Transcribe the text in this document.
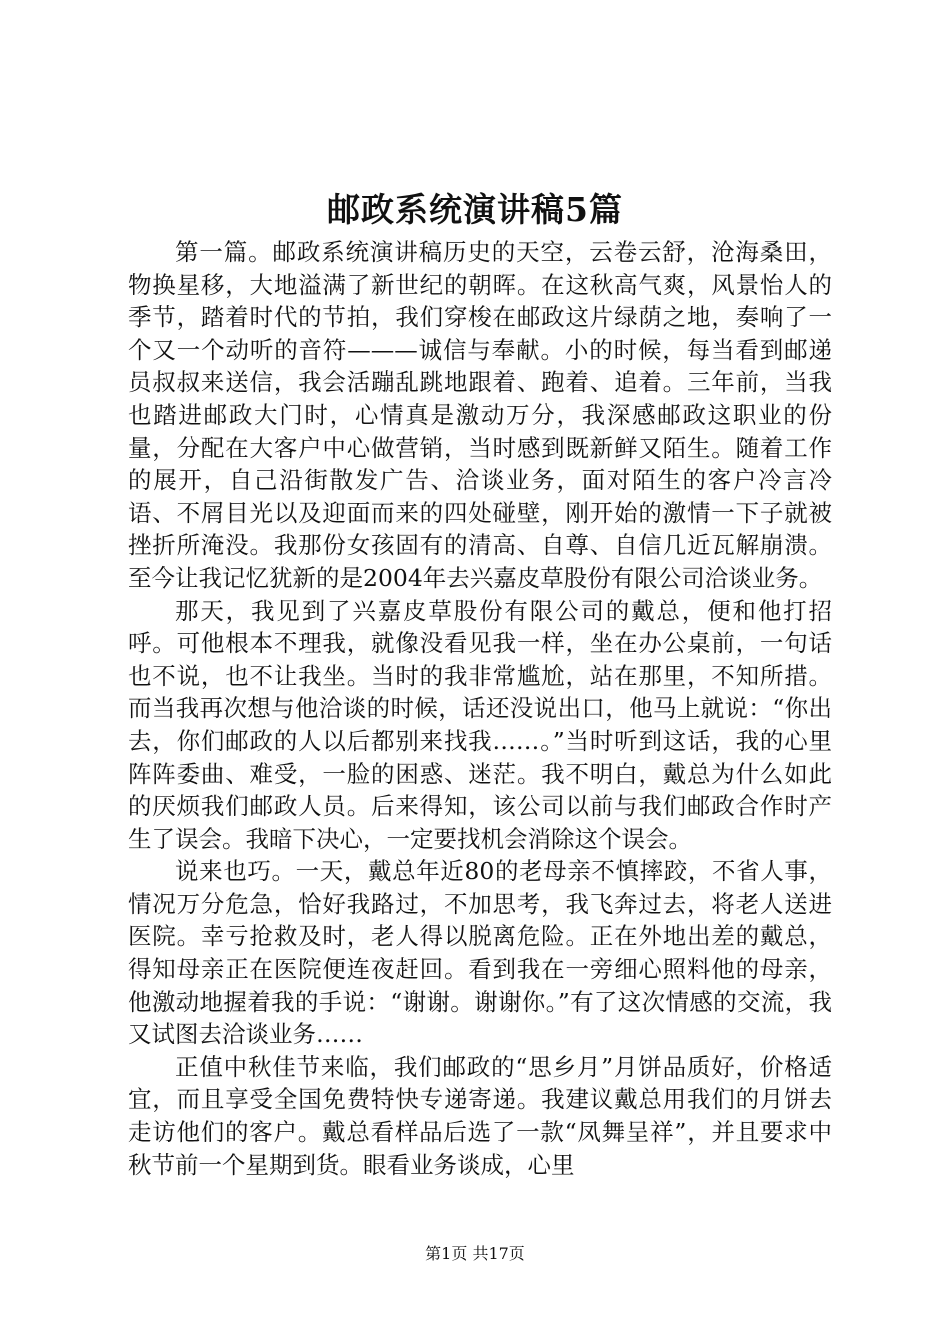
邮政系统演讲稿5篇

第一篇。邮政系统演讲稿历史的天空，云卷云舒，沧海桑田，物换星移，大地溢满了新世纪的朝晖。在这秋高气爽，风景怡人的季节，踏着时代的节拍，我们穿梭在邮政这片绿荫之地，奏响了一个又一个动听的音符———诚信与奉献。小的时候，每当看到邮递员叔叔来送信，我会活蹦乱跳地跟着、跑着、追着。三年前，当我也踏进邮政大门时，心情真是激动万分，我深感邮政这职业的份量，分配在大客户中心做营销，当时感到既新鲜又陌生。随着工作的展开，自己沿街散发广告、洽谈业务，面对陌生的客户冷言冷语、不屑目光以及迎面而来的四处碰壁，刚开始的激情一下子就被挫折所淹没。我那份女孩固有的清高、自尊、自信几近瓦解崩溃。至今让我记忆犹新的是2004年去兴嘉皮草股份有限公司洽谈业务。

那天，我见到了兴嘉皮草股份有限公司的戴总，便和他打招呼。可他根本不理我，就像没看见我一样，坐在办公桌前，一句话也不说，也不让我坐。当时的我非常尴尬，站在那里，不知所措。而当我再次想与他洽谈的时候，话还没说出口，他马上就说：“你出去，你们邮政的人以后都别来找我……。”当时听到这话，我的心里阵阵委曲、难受，一脸的困惑、迷茫。我不明白，戴总为什么如此的厌烦我们邮政人员。后来得知，该公司以前与我们邮政合作时产生了误会。我暗下决心，一定要找机会消除这个误会。

说来也巧。一天，戴总年近80的老母亲不慎摔跤，不省人事，情况万分危急，恰好我路过，不加思考，我飞奔过去，将老人送进医院。幸亏抢救及时，老人得以脱离危险。正在外地出差的戴总，得知母亲正在医院便连夜赶回。看到我在一旁细心照料他的母亲，他激动地握着我的手说：“谢谢。谢谢你。”有了这次情感的交流，我又试图去洽谈业务……

正值中秋佳节来临，我们邮政的“思乡月”月饼品质好，价格适宜，而且享受全国免费特快专递寄递。我建议戴总用我们的月饼去走访他们的客户。戴总看样品后选了一款“凤舞呈祥”，并且要求中秋节前一个星期到货。眼看业务谈成，心里

第1页 共17页
